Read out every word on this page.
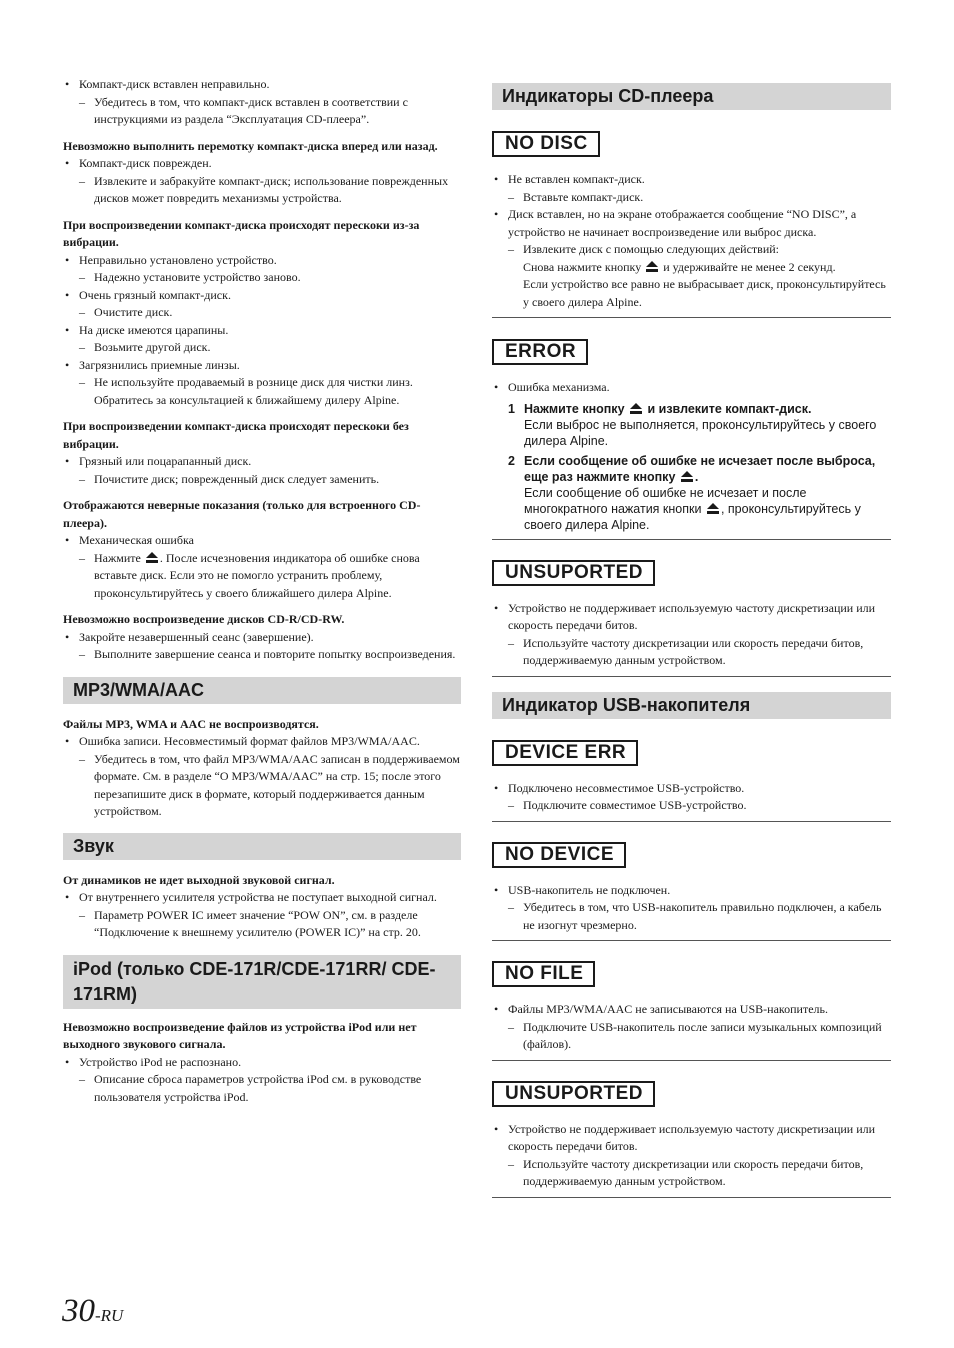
• Компакт-диск вставлен неправильно.

– Убедитесь в том, что компакт-диск вставлен в соответствии с инструкциями из раздела “Эксплуатация CD-плеера”.

Невозможно выполнить перемотку компакт-диска вперед или назад.

• Компакт-диск поврежден.

– Извлеките и забракуйте компакт-диск; использование поврежденных дисков может повредить механизмы устройства.

При воспроизведении компакт-диска происходят перескоки из-за вибрации.

• Неправильно установлено устройство.

– Надежно установите устройство заново.

• Очень грязный компакт-диск.

– Очистите диск.

• На диске имеются царапины.

– Возьмите другой диск.

• Загрязнились приемные линзы.

– Не используйте продаваемый в рознице диск для чистки линз. Обратитесь за консультацией к ближайшему дилеру Alpine.

При воспроизведении компакт-диска происходят перескоки без вибрации.

• Грязный или поцарапанный диск.

– Почистите диск; поврежденный диск следует заменить.

Отображаются неверные показания (только для встроенного CD-плеера).

• Механическая ошибка

– Нажмите . После исчезновения индикатора об ошибке снова вставьте диск. Если это не помогло устранить проблему, проконсультируйтесь у своего ближайшего дилера Alpine.

Невозможно воспроизведение дисков CD-R/CD-RW.

• Закройте незавершенный сеанс (завершение).

– Выполните завершение сеанса и повторите попытку воспроизведения.

MP3/WMA/AAC

Файлы MP3, WMA и AAC не воспроизводятся.

• Ошибка записи. Несовместимый формат файлов MP3/WMA/AAC.

– Убедитесь в том, что файл MP3/WMA/AAC записан в поддерживаемом формате. См. в разделе “О MP3/WMA/AAC” на стр. 15; после этого перезапишите диск в формате, который поддерживается данным устройством.

Звук

От динамиков не идет выходной звуковой сигнал.

• От внутреннего усилителя устройства не поступает выходной сигнал.

– Параметр POWER IC имеет значение “POW ON”, см. в разделе “Подключение к внешнему усилителю (POWER IC)” на стр. 20.

iPod (только CDE-171R/CDE-171RR/ CDE-171RM)

Невозможно воспроизведение файлов из устройства iPod или нет выходного звукового сигнала.

• Устройство iPod не распознано.

– Описание сброса параметров устройства iPod см. в руководстве пользователя устройства iPod.

Индикаторы CD-плеера
NO DISC

• Не вставлен компакт-диск.

– Вставьте компакт-диск.

• Диск вставлен, но на экране отображается сообщение “NO DISC”, а устройство не начинает воспроизведение или выброс диска.

– Извлеките диск с помощью следующих действий:

Снова нажмите кнопку и удерживайте не менее 2 секунд.

Если устройство все равно не выбрасывает диск, проконсультируйтесь у своего дилера Alpine.

ERROR

• Ошибка механизма.

1 Нажмите кнопку и извлеките компакт-диск.
Если выброс не выполняется, проконсультируйтесь у своего дилера Alpine.
2 Если сообщение об ошибке не исчезает после выброса, еще раз нажмите кнопку .
Если сообщение об ошибке не исчезает и после многократного нажатия кнопки , проконсультируйтесь у своего дилера Alpine.
UNSUPORTED

• Устройство не поддерживает используемую частоту дискретизации или скорость передачи битов.

– Используйте частоту дискретизации или скорость передачи битов, поддерживаемую данным устройством.

Индикатор USB-накопителя
DEVICE ERR

• Подключено несовместимое USB-устройство.

– Подключите совместимое USB-устройство.

NO DEVICE

• USB-накопитель не подключен.

– Убедитесь в том, что USB-накопитель правильно подключен, а кабель не изогнут чрезмерно.

NO FILE

• Файлы MP3/WMA/AAC не записываются на USB-накопитель.

– Подключите USB-накопитель после записи музыкальных композиций (файлов).

UNSUPORTED

• Устройство не поддерживает используемую частоту дискретизации или скорость передачи битов.

– Используйте частоту дискретизации или скорость передачи битов, поддерживаемую данным устройством.

30-RU
